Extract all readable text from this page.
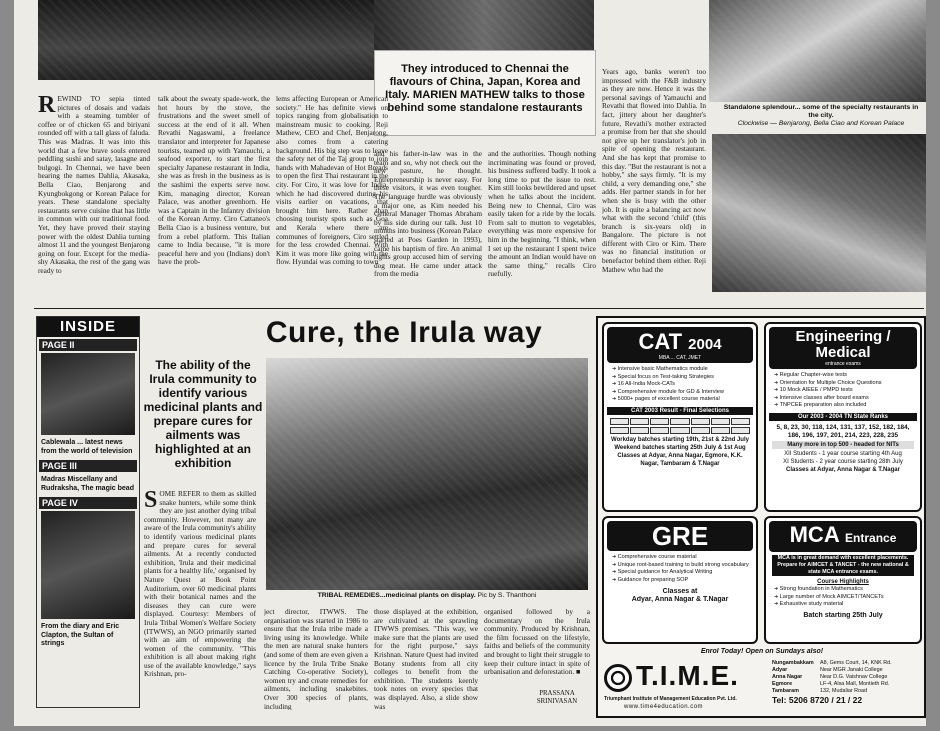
They introduced to Chennai the flavours of China, Japan, Korea and Italy. MARIEN MATHEW talks to those behind some standalone restaurants	Standalone splendour... some of the specialty restaurants in the city.
Clockwise — Benjarong, Bella Ciao and Korean Palace
REWIND TO sepia tinted pictures of dosais and vadais with a steaming tumbler of coffee or of chicken 65 and biriyani rounded off with a tall glass of faluda. This was Madras. It was into this world that a few brave souls entered peddling sushi and satay, lasagne and bulgogi. In Chennai, we have been hearing the names Dahlia, Akasaka, Bella Ciao, Benjarong and Kyungbokgong or Korean Palace for years. These standalone specialty restaurants serve cuisine that has little in common with our traditional food. Yet, they have proved their staying power with the oldest Dahlia turning almost 11 and the youngest Benjarong going on four. Except for the media-shy Akasaka, the rest of the gang was ready to
talk about the sweaty spade-work, the hot hours by the stove, the frustrations and the sweet smell of success at the end of it all. When Revathi Nagaswami, a freelance translator and interpreter for Japanese tourists, teamed up with Yamauchi, a seafood exporter, to start the first specialty Japanese restaurant in India, she was as fresh in the business as is the sashimi the experts serve now. Kim, managing director, Korean Palace, was another greenhorn. He was a Captain in the Infantry division of the Korean Army. Ciro Cattaneo's Bella Ciao is a business venture, but from a rebel platform. This Italian came to India because, "it is more peaceful here and you (Indians) don't have the prob-
lems affecting European or American society." He has definite views on topics ranging from globalisation to mainstream music to cooking. Reji Mathew, CEO and Chef, Benjarong, also comes from a catering background. His big step was to leave the safety net of the Taj group to join hands with Mahadevan of Hot Breads to open the first Thai restaurant in the city. For Ciro, it was love for India, which he had discovered during his visits earlier on vacations, that brought him here. Rather than choosing touristy spots such as Goa and Kerala where there are communes of foreigners, Ciro settled for the less crowded Chennai. With Kim it was more like going with the flow. Hyundai was coming to town
and his father-in-law was in the team and so, why not check out the new pasture, he thought. Entrepreneurship is never easy. For these visitors, it was even tougher. The language hurdle was obviously a major one, as Kim needed his General Manager Thomas Abraham by his side during our talk. Just 10 months into business (Korean Palace started at Poes Garden in 1993), came his baptism of fire. An animal rights group accused him of serving dog meat. He came under attack from the media
and the authorities. Though nothing incriminating was found or proved, his business suffered badly. It took a long time to put the issue to rest. Kim still looks bewildered and upset when he talks about the incident. Being new to Chennai, Ciro was easily taken for a ride by the locals. From salt to mutton to vegetables, everything was more expensive for him in the beginning. "I think, when I set up the restaurant I spent twice the amount an Indian would have on the same thing," recalls Ciro ruefully.
Years ago, banks weren't too impressed with the F&B industry as they are now. Hence it was the personal savings of Yamauchi and Revathi that flowed into Dahlia. In fact, jittery about her daughter's future, Revathi's mother extracted a promise from her that she should not give up her translator's job in spite of opening the restaurant. And she has kept that promise to this day. "But the restaurant is not a hobby," she says firmly. "It is my child, a very demanding one," she adds. Her partner stands in for her when she is busy with the other job. It is quite a balancing act now what with the second 'child' (this branch is six-years old) in Bangalore. The picture is not different with Ciro or Kim. There was no financial institution or benefactor behind them either. Reji Mathew who had the
INSIDE
PAGE II
Cablewala ... latest news from the world of television
PAGE III
Madras Miscellany and Rudraksha, The magic bead
PAGE IV
From the diary and Eric Clapton, the Sultan of strings
Cure, the Irula way
The ability of the Irula community to identify various medicinal plants and prepare cures for ailments was highlighted at an exhibition
TRIBAL REMEDIES...medicinal plants on display. Pic by S. Thanthoni
SOME REFER to them as skilled snake hunters, while some think they are just another dying tribal community. However, not many are aware of the Irula community's ability to identify various medicinal plants and prepare cures for several ailments. At a recently conducted exhibition, 'Irula and their medicinal plants for a healthy life,' organised by Nature Quest at Book Point Auditorium, over 60 medicinal plants with their botanical names and the diseases they can cure were displayed. Courtesy: Members of Irula Tribal Women's Welfare Society (ITWWS), an NGO primarily started with an aim of empowering the women of the community. "This exhibition is all about making right use of the available knowledge," says Krishnan, pro-
ject director, ITWWS. The organisation was started in 1986 to ensure that the Irula tribe made a living using its knowledge. While the men are natural snake hunters (and some of them are even given a licence by the Irula Tribe Snake Catching Co-operative Society), women try and create remedies for ailments, including snakebites. Over 300 species of plants, including
those displayed at the exhibition, are cultivated at the sprawling ITWWS premises. "This way, we make sure that the plants are used for the right purpose," says Krishnan. Nature Quest had invited Botany students from all city colleges to benefit from the exhibition. The students keenly took notes on every species that was displayed. Also, a slide show was
organised followed by a documentary on the Irula community. Produced by Krishnan, the film focussed on the lifestyle, faiths and beliefs of the community and brought to light their struggle to keep their culture intact in spite of urbanisation and deforestation. ■
PRASSANA
SRINIVASAN
CAT 2004
MBA ... CAT, JMET
➜ Intensive basic Mathematics module
➜ Special focus on Test-taking Strategies
➜ 16 All-India Mock-CATs
➜ Comprehensive module for GD & Interview
➜ 5000+ pages of excellent course material
CAT 2003 Result - Final Selections
Workday batches starting 19th, 21st & 22nd July
Weekend batches starting 25th July & 1st Aug
Classes at Adyar, Anna Nagar, Egmore, K.K. Nagar, Tambaram & T.Nagar
Engineering /
Medical
entrance exams
➜ Regular Chapter-wise tests
➜ Orientation for Multiple Choice Questions
➜ 10 Mock AIEEE / PMPD tests
➜ Intensive classes after board exams
➜ TNPCEE preparation also included
Our 2003 - 2004 TN State Ranks
5, 8, 23, 30, 118, 124, 131, 137, 152, 182, 184, 186, 196, 197, 201, 214, 223, 228, 235
Many more in top 500 - headed for NITs
XII Students - 1 year course starting 4th Aug
XI Students - 2 year course starting 28th July
Classes at Adyar, Anna Nagar & T.Nagar
GRE
➜ Comprehensive course material
➜ Unique root-based training to build strong vocabulary
➜ Special guidance for Analytical Writing
➜ Guidance for preparing SOP
Classes at
Adyar, Anna Nagar & T.Nagar
MCA Entrance
MCA is in great demand with excellent placements. Prepare for AIMCET & TANCET - the new national & state MCA entrance exams.
Course Highlights
➜ Strong foundation in Mathematics
➜ Large number of Mock AIMCET/TANCETs
➜ Exhaustive study material
Batch starting 25th July
Enrol Today! Open on Sundays also!
T.I.M.E.
Triumphant Institute of Management Education Pvt. Ltd.
www.time4education.com
Nungambakkam	A8, Gems Court, 14, KNK Rd.
Adyar	Near MGR Janaki College
Anna Nagar	Near D.G. Vaishnav College
Egmore	LF-4, Alsa Mall, Montieth Rd.
Tambaram	132, Mudaliar Road
Tel: 5206 8720 / 21 / 22
